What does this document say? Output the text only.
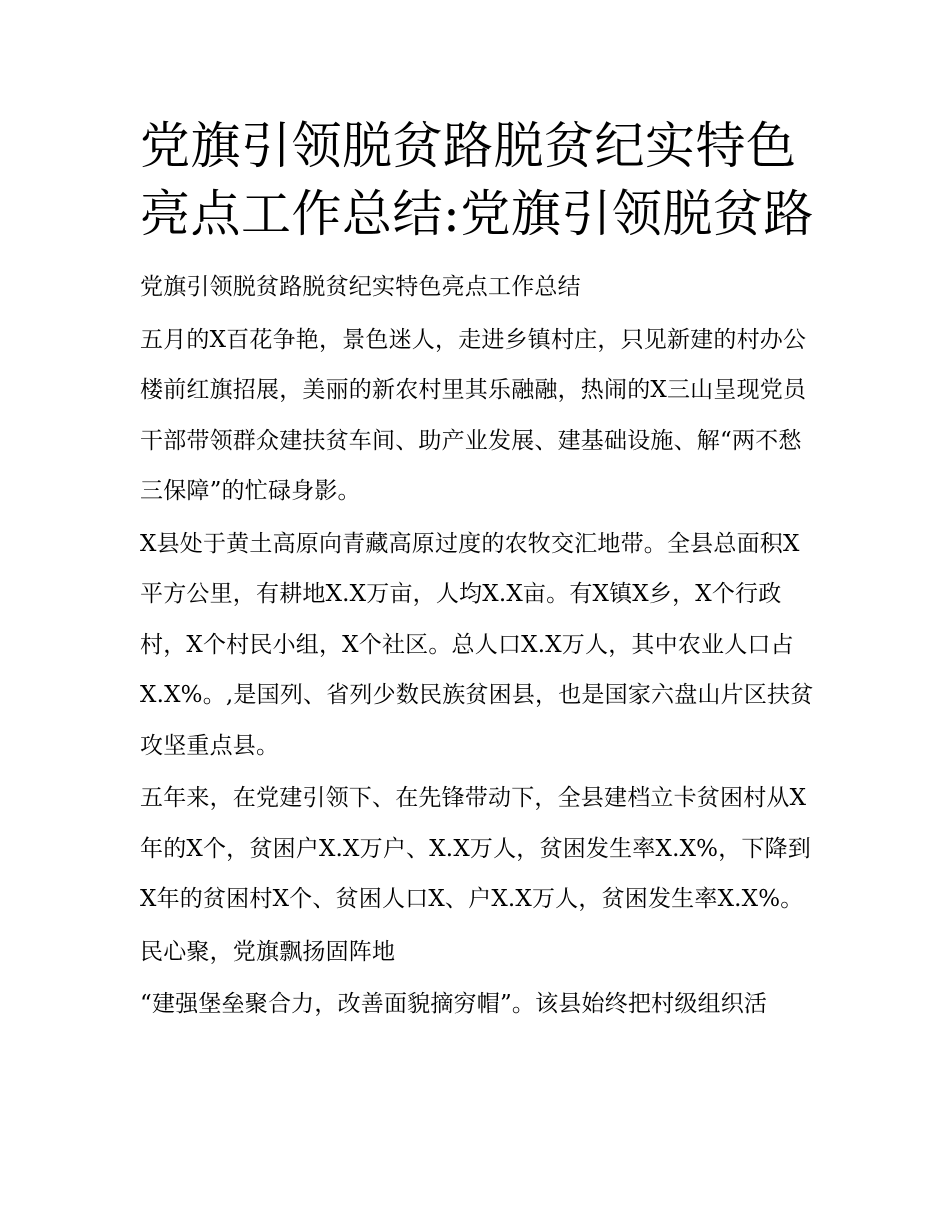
党旗引领脱贫路脱贫纪实特色亮点工作总结:党旗引领脱贫路

党旗引领脱贫路脱贫纪实特色亮点工作总结

五月的X百花争艳，景色迷人，走进乡镇村庄，只见新建的村办公楼前红旗招展，美丽的新农村里其乐融融，热闹的X三山呈现党员干部带领群众建扶贫车间、助产业发展、建基础设施、解“两不愁三保障”的忙碌身影。

X县处于黄土高原向青藏高原过度的农牧交汇地带。全县总面积X平方公里，有耕地X.X万亩，人均X.X亩。有X镇X乡，X个行政村，X个村民小组，X个社区。总人口X.X万人，其中农业人口占X.X%。,是国列、省列少数民族贫困县，也是国家六盘山片区扶贫攻坚重点县。

五年来，在党建引领下、在先锋带动下，全县建档立卡贫困村从X年的X个，贫困户X.X万户、X.X万人，贫困发生率X.X%，下降到X年的贫困村X个、贫困人口X、户X.X万人，贫困发生率X.X%。

民心聚，党旗飘扬固阵地

“建强堡垒聚合力，改善面貌摘穷帽”。该县始终把村级组织活
